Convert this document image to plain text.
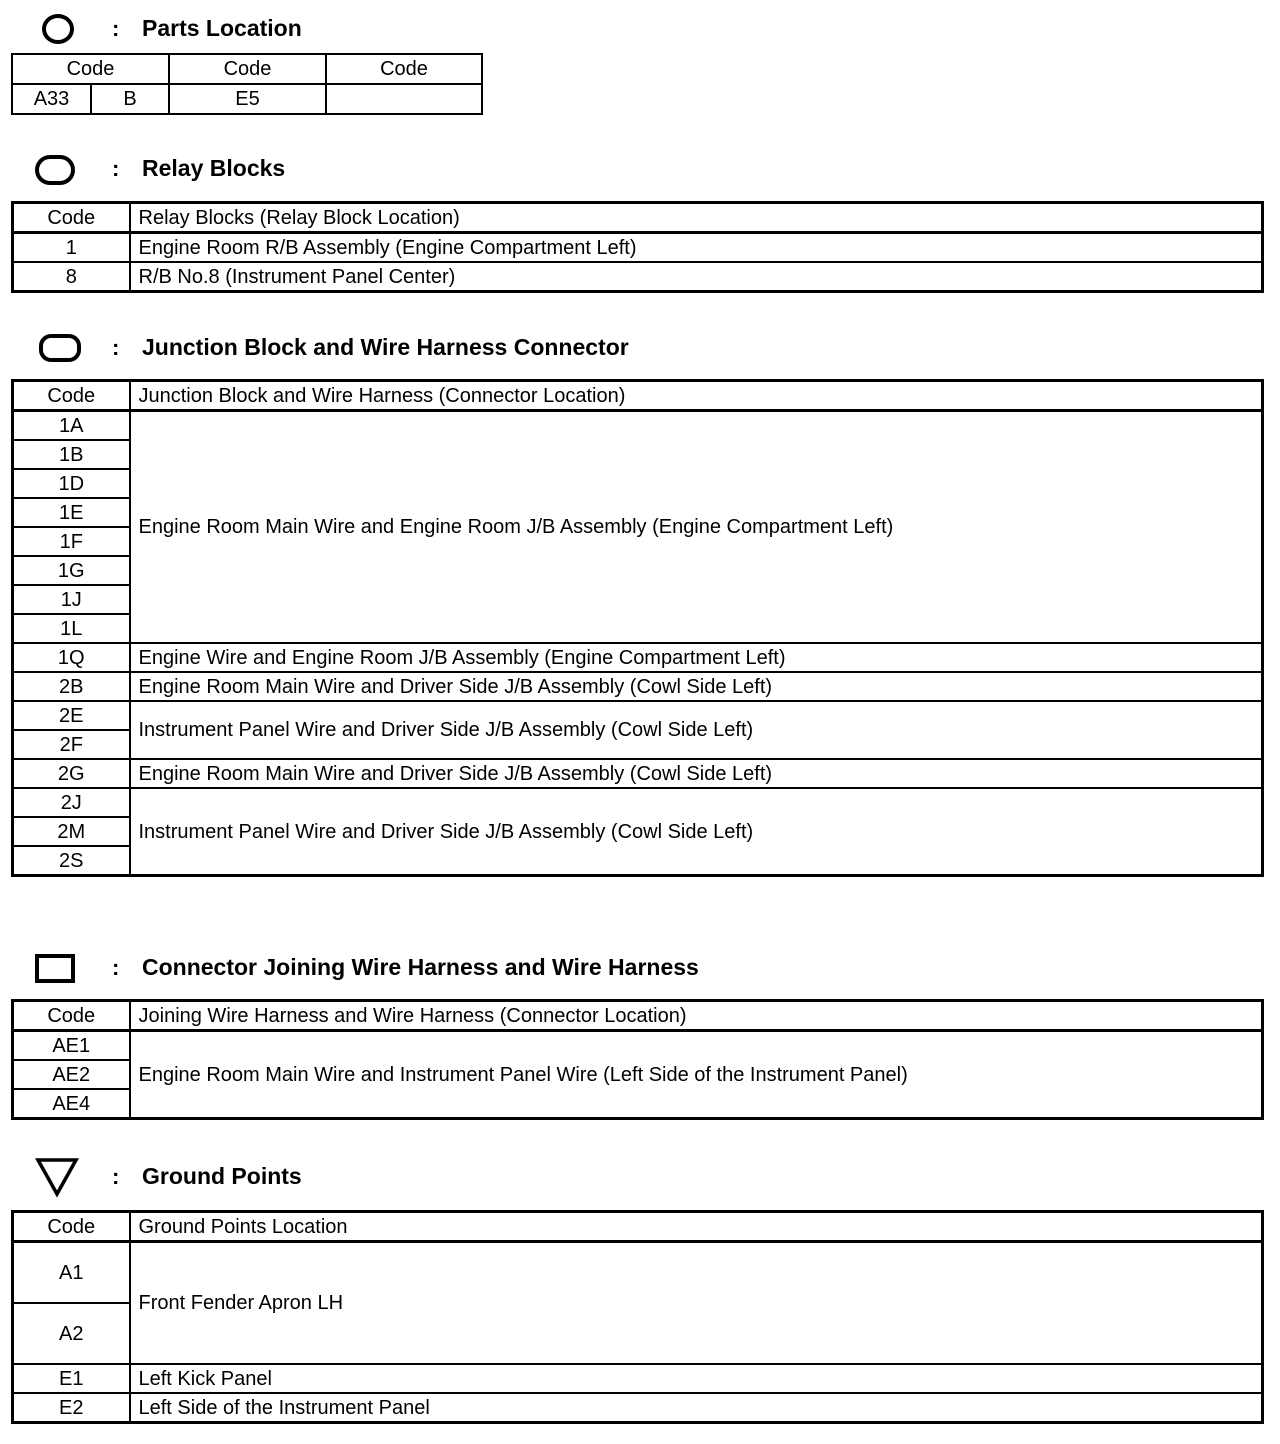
: Parts Location
Code		Code	Code
A33	B	E5	
: Relay Blocks
Code	Relay Blocks (Relay Block Location)
1	Engine Room R/B Assembly (Engine Compartment Left)
8	R/B No.8 (Instrument Panel Center)
: Junction Block and Wire Harness Connector
Code	Junction Block and Wire Harness (Connector Location)
1A	Engine Room Main Wire and Engine Room J/B Assembly (Engine Compartment Left)
1B	
1D	
1E	
1F	
1G	
1J	
1L	
1Q	Engine Wire and Engine Room J/B Assembly (Engine Compartment Left)
2B	Engine Room Main Wire and Driver Side J/B Assembly (Cowl Side Left)
2E	Instrument Panel Wire and Driver Side J/B Assembly (Cowl Side Left)
2F	
2G	Engine Room Main Wire and Driver Side J/B Assembly (Cowl Side Left)
2J	Instrument Panel Wire and Driver Side J/B Assembly (Cowl Side Left)
2M	
2S	
: Connector Joining Wire Harness and Wire Harness
Code	Joining Wire Harness and Wire Harness (Connector Location)
AE1	Engine Room Main Wire and Instrument Panel Wire (Left Side of the Instrument Panel)
AE2	
AE4	
: Ground Points
Code	Ground Points Location
A1	Front Fender Apron LH
A2	
E1	Left Kick Panel
E2	Left Side of the Instrument Panel
